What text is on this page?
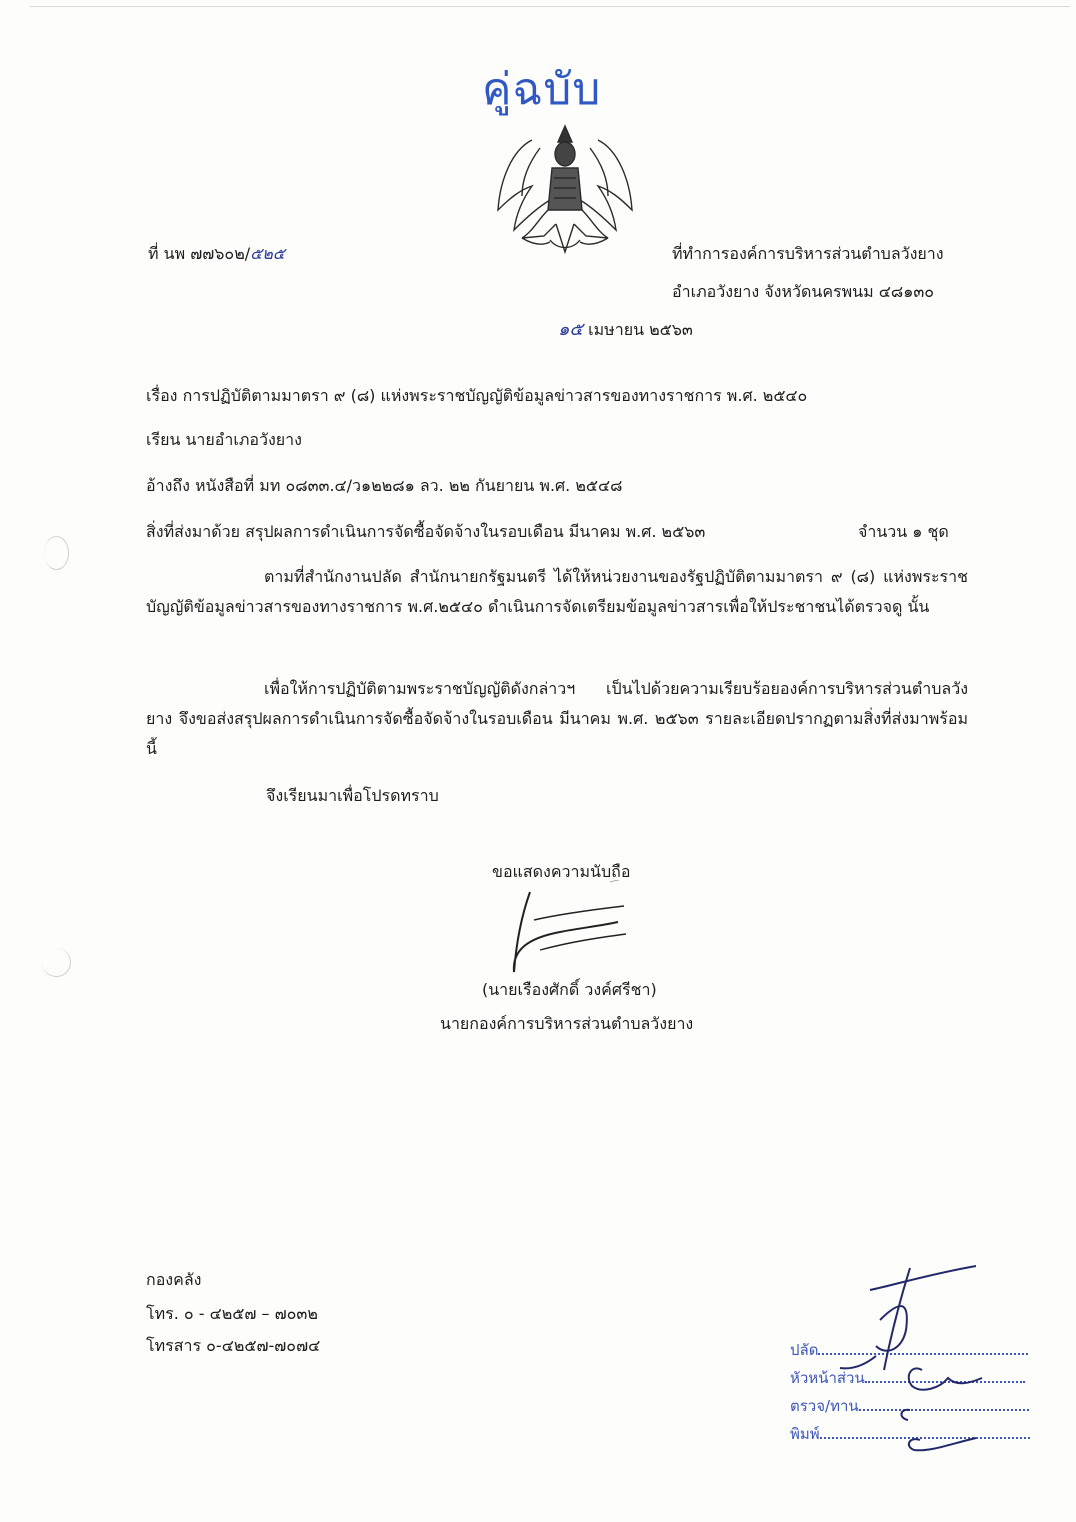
คู่ฉบับ
ที่ นพ ๗๗๖๐๒/๕๒๕	ที่ทำการองค์การบริหารส่วนตำบลวังยาง
อำเภอวังยาง จังหวัดนครพนม ๔๘๑๓๐
๑๕ เมษายน ๒๕๖๓
เรื่อง การปฏิบัติตามมาตรา ๙ (๘) แห่งพระราชบัญญัติข้อมูลข่าวสารของทางราชการ พ.ศ. ๒๕๔๐
เรียน นายอำเภอวังยาง
อ้างถึง หนังสือที่ มท ๐๘๓๓.๔/ว๑๒๒๘๑ ลว. ๒๒ กันยายน พ.ศ. ๒๕๔๘
สิ่งที่ส่งมาด้วย สรุปผลการดำเนินการจัดซื้อจัดจ้างในรอบเดือน มีนาคม พ.ศ. ๒๕๖๓	จำนวน ๑ ชุด
ตามที่สำนักงานปลัด สำนักนายกรัฐมนตรี ได้ให้หน่วยงานของรัฐปฏิบัติตามมาตรา ๙ (๘) แห่งพระราชบัญญัติข้อมูลข่าวสารของทางราชการ พ.ศ.๒๕๔๐ ดำเนินการจัดเตรียมข้อมูลข่าวสารเพื่อให้ประชาชนได้ตรวจดู นั้น
เพื่อให้การปฏิบัติตามพระราชบัญญัติดังกล่าวฯ เป็นไปด้วยความเรียบร้อยองค์การบริหารส่วนตำบลวังยาง จึงขอส่งสรุปผลการดำเนินการจัดซื้อจัดจ้างในรอบเดือน มีนาคม พ.ศ. ๒๕๖๓ รายละเอียดปรากฏตามสิ่งที่ส่งมาพร้อมนี้
จึงเรียนมาเพื่อโปรดทราบ
ขอแสดงความนับถือ
(นายเรืองศักดิ์ วงค์ศรีชา)
นายกองค์การบริหารส่วนตำบลวังยาง
กองคลัง
โทร. ๐ - ๔๒๕๗ – ๗๐๓๒
โทรสาร ๐-๔๒๕๗-๗๐๗๔	ปลัด
หัวหน้าส่วน
ตรวจ/ทาน
พิมพ์
